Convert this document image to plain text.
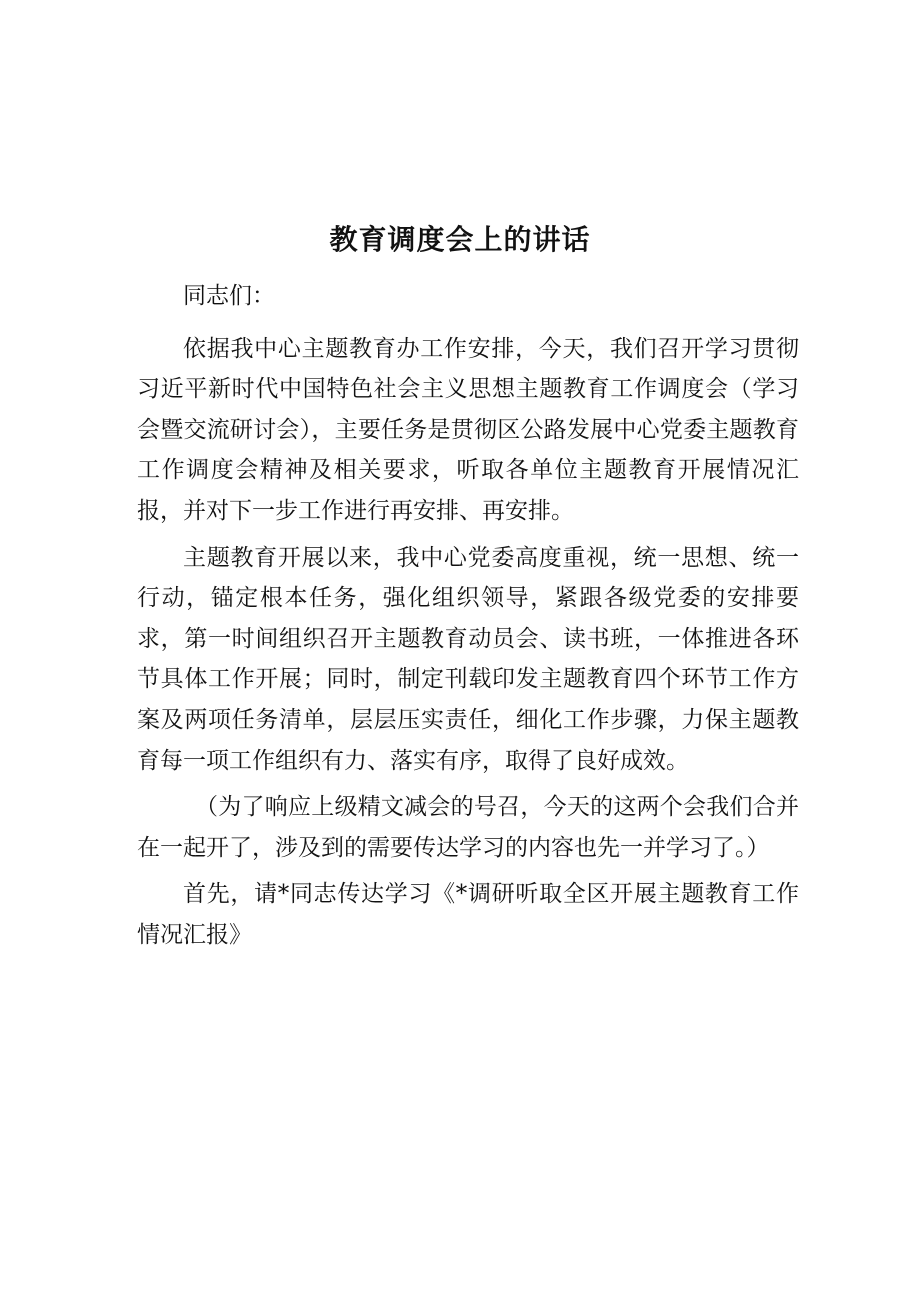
教育调度会上的讲话

同志们：

依据我中心主题教育办工作安排，今天，我们召开学习贯彻习近平新时代中国特色社会主义思想主题教育工作调度会（学习会暨交流研讨会），主要任务是贯彻区公路发展中心党委主题教育工作调度会精神及相关要求，听取各单位主题教育开展情况汇报，并对下一步工作进行再安排、再安排。

主题教育开展以来，我中心党委高度重视，统一思想、统一行动，锚定根本任务，强化组织领导，紧跟各级党委的安排要求，第一时间组织召开主题教育动员会、读书班，一体推进各环节具体工作开展；同时，制定刊载印发主题教育四个环节工作方案及两项任务清单，层层压实责任，细化工作步骤，力保主题教育每一项工作组织有力、落实有序，取得了良好成效。

（为了响应上级精文减会的号召，今天的这两个会我们合并在一起开了，涉及到的需要传达学习的内容也先一并学习了。）

首先，请*同志传达学习《*调研听取全区开展主题教育工作情况汇报》
